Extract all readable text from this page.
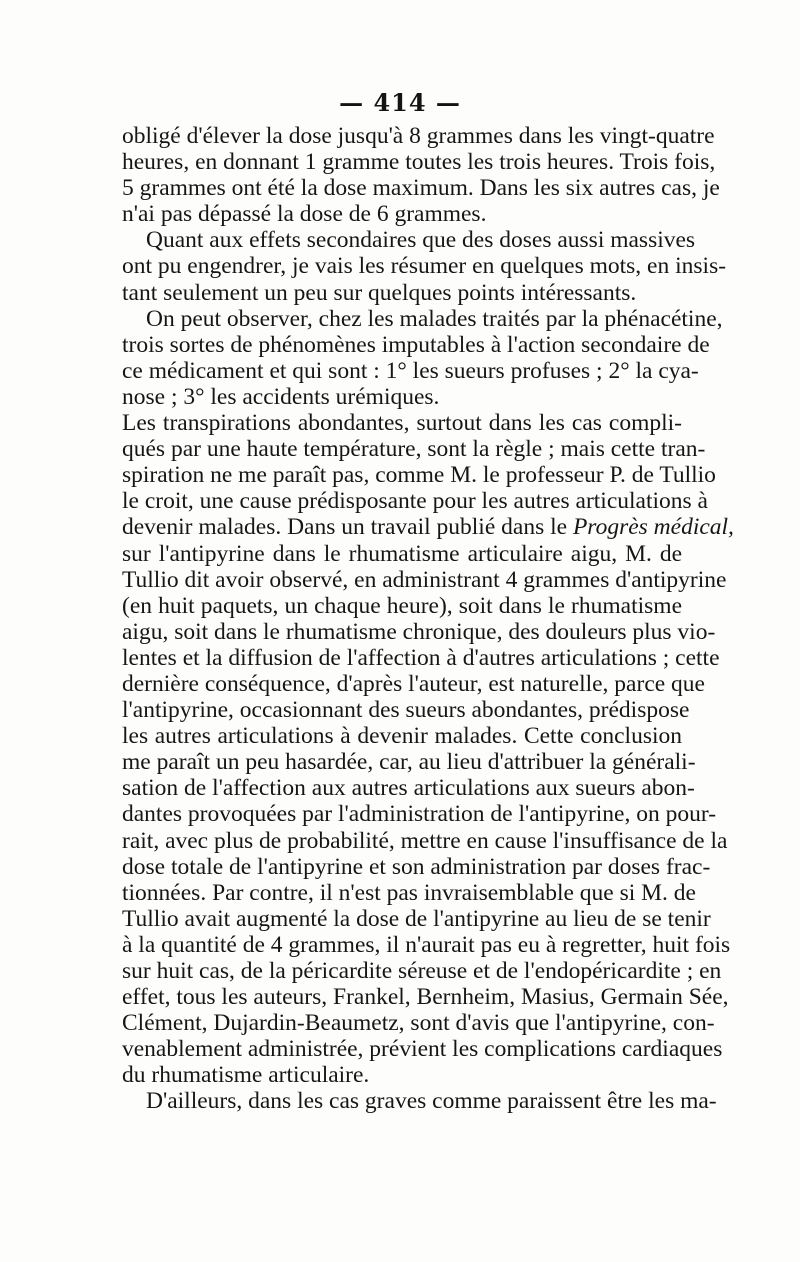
— 414 —
obligé d'élever la dose jusqu'à 8 grammes dans les vingt-quatre
heures, en donnant 1 gramme toutes les trois heures. Trois fois,
5 grammes ont été la dose maximum. Dans les six autres cas, je
n'ai pas dépassé la dose de 6 grammes.
Quant aux effets secondaires que des doses aussi massives
ont pu engendrer, je vais les résumer en quelques mots, en insis-
tant seulement un peu sur quelques points intéressants.
On peut observer, chez les malades traités par la phénacétine,
trois sortes de phénomènes imputables à l'action secondaire de
ce médicament et qui sont : 1° les sueurs profuses ; 2° la cya-
nose ; 3° les accidents urémiques.
Les transpirations abondantes, surtout dans les cas compli-
qués par une haute température, sont la règle ; mais cette tran-
spiration ne me paraît pas, comme M. le professeur P. de Tullio
le croit, une cause prédisposante pour les autres articulations à
devenir malades. Dans un travail publié dans le Progrès médical,
sur l'antipyrine dans le rhumatisme articulaire aigu, M. de
Tullio dit avoir observé, en administrant 4 grammes d'antipyrine
(en huit paquets, un chaque heure), soit dans le rhumatisme
aigu, soit dans le rhumatisme chronique, des douleurs plus vio-
lentes et la diffusion de l'affection à d'autres articulations ; cette
dernière conséquence, d'après l'auteur, est naturelle, parce que
l'antipyrine, occasionnant des sueurs abondantes, prédispose
les autres articulations à devenir malades. Cette conclusion
me paraît un peu hasardée, car, au lieu d'attribuer la générali-
sation de l'affection aux autres articulations aux sueurs abon-
dantes provoquées par l'administration de l'antipyrine, on pour-
rait, avec plus de probabilité, mettre en cause l'insuffisance de la
dose totale de l'antipyrine et son administration par doses frac-
tionnées. Par contre, il n'est pas invraisemblable que si M. de
Tullio avait augmenté la dose de l'antipyrine au lieu de se tenir
à la quantité de 4 grammes, il n'aurait pas eu à regretter, huit fois
sur huit cas, de la péricardite séreuse et de l'endopéricardite ; en
effet, tous les auteurs, Frankel, Bernheim, Masius, Germain Sée,
Clément, Dujardin-Beaumetz, sont d'avis que l'antipyrine, con-
venablement administrée, prévient les complications cardiaques
du rhumatisme articulaire.
D'ailleurs, dans les cas graves comme paraissent être les ma-
